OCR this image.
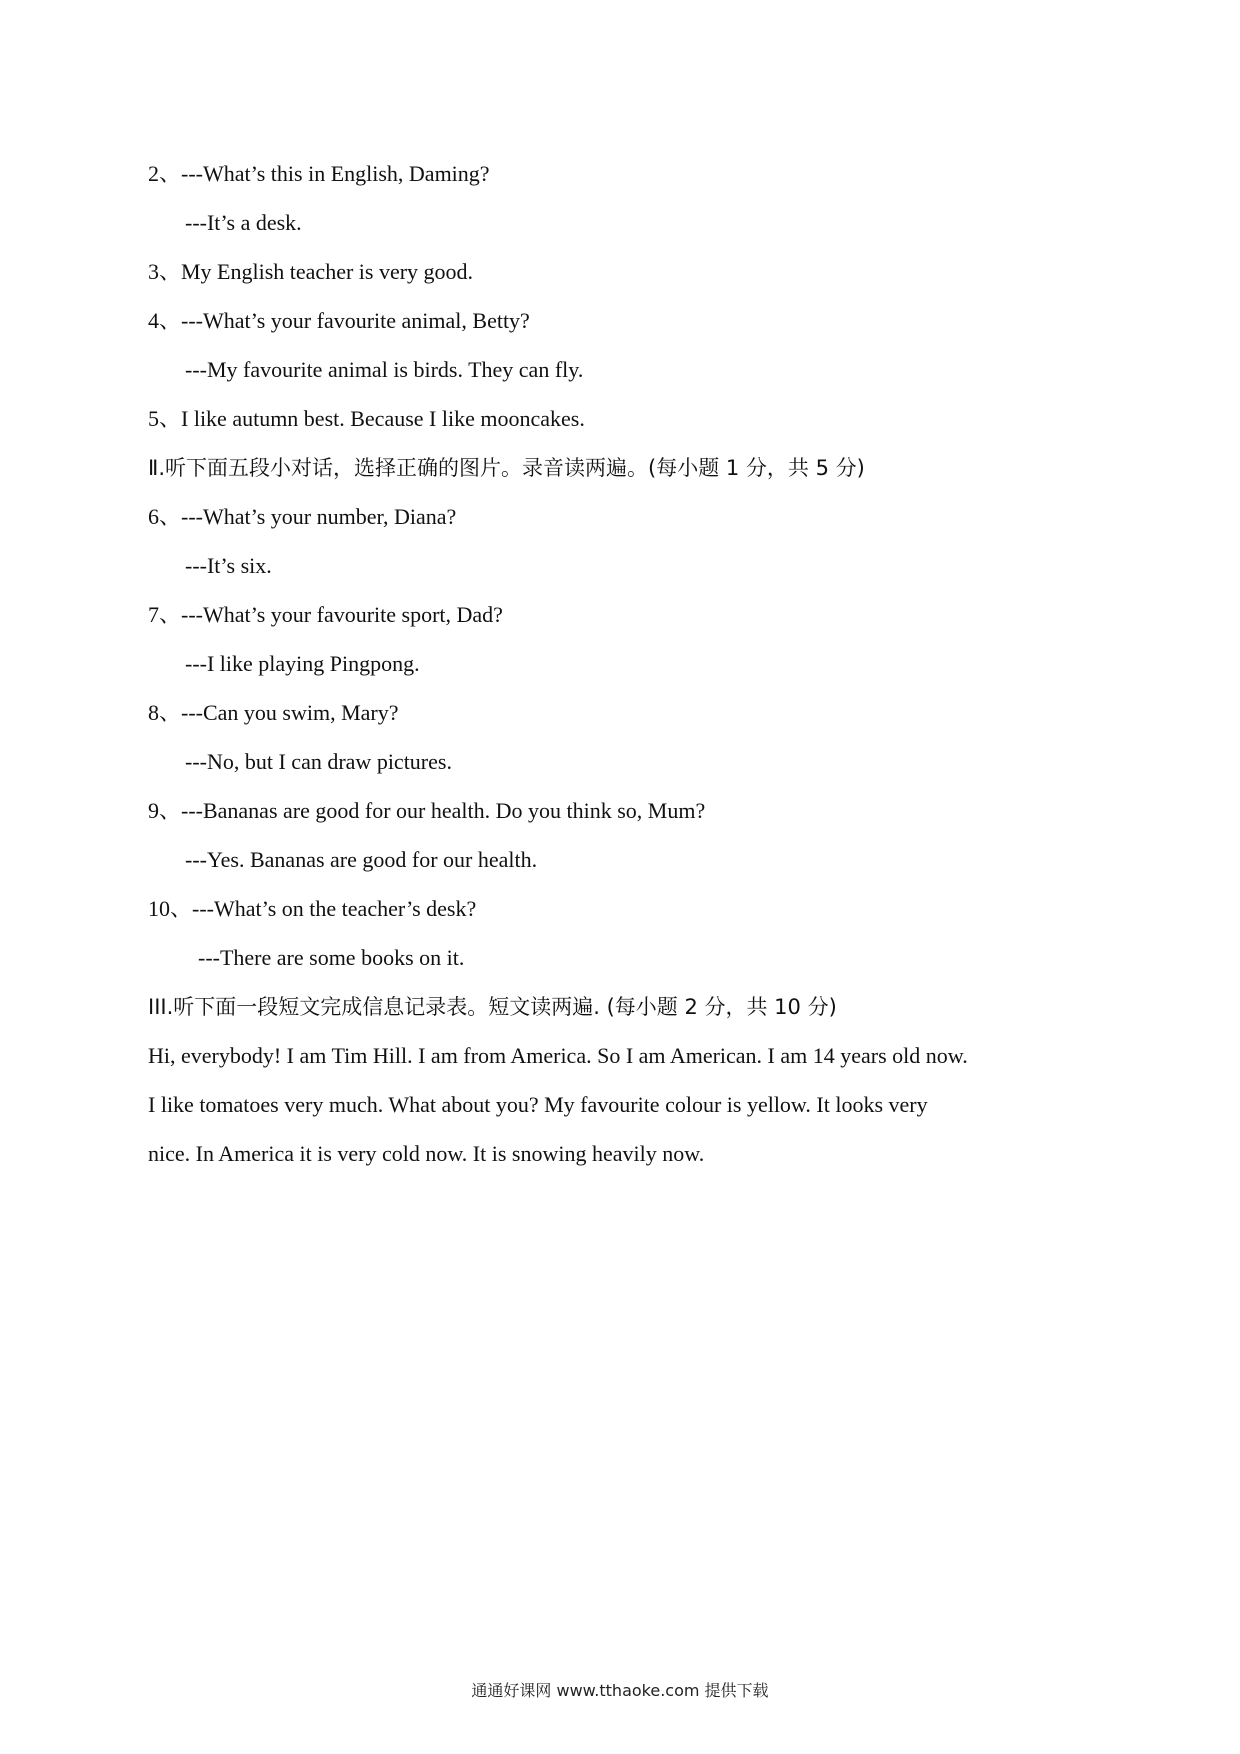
2、---What’s this in English, Daming?
---It’s a desk.
3、My English teacher is very good.
4、---What’s your favourite animal, Betty?
---My favourite animal is birds. They can fly.
5、I like autumn best. Because I like mooncakes.
Ⅱ.听下面五段小对话，选择正确的图片。录音读两遍。(每小题 1 分，共 5 分)
6、---What’s your number, Diana?
---It’s six.
7、---What’s your favourite sport, Dad?
---I like playing Pingpong.
8、---Can you swim, Mary?
---No, but I can draw pictures.
9、---Bananas are good for our health. Do you think so, Mum?
---Yes. Bananas are good for our health.
10、---What’s on the teacher’s desk?
---There are some books on it.
III.听下面一段短文完成信息记录表。短文读两遍. (每小题 2 分，共 10 分)
Hi, everybody! I am Tim Hill. I am from America. So I am American. I am 14 years old now.
I like tomatoes very much. What about you? My favourite colour is yellow. It looks very
nice. In America it is very cold now. It is snowing heavily now.
通通好课网 www.tthaoke.com 提供下载
